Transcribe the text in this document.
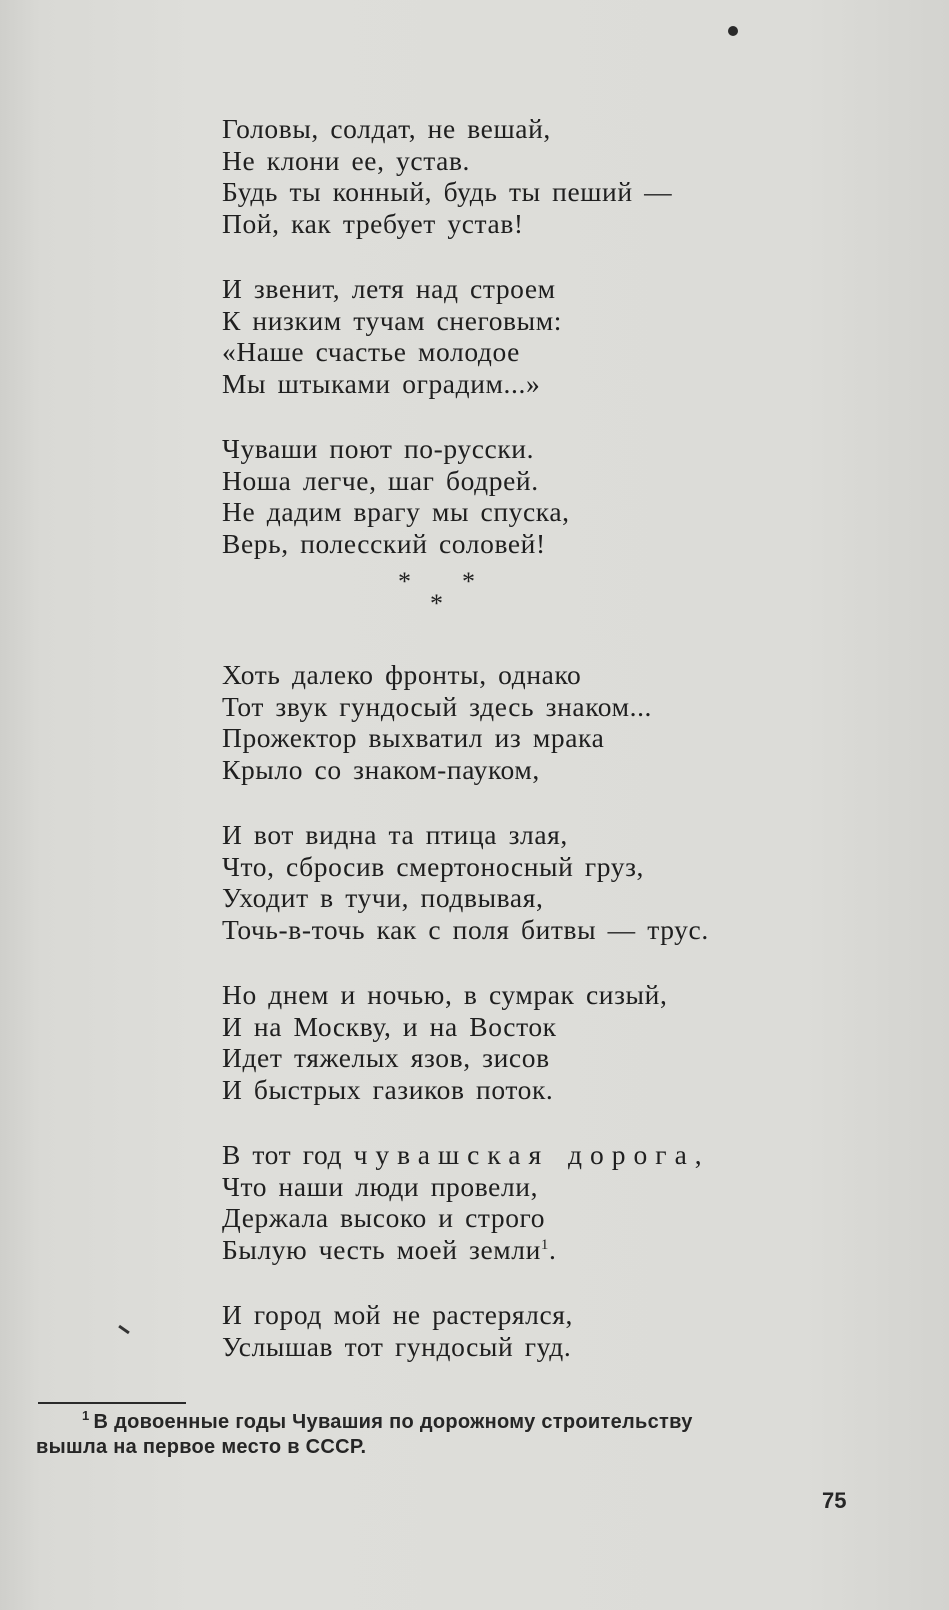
Головы, солдат, не вешай,
Не клони ее, устав.
Будь ты конный, будь ты пеший —
Пой, как требует устав!
И звенит, летя над строем
К низким тучам снеговым:
«Наше счастье молодое
Мы штыками оградим...»
Чуваши поют по-русски.
Ноша легче, шаг бодрей.
Не дадим врагу мы спуска,
Верь, полесский соловей!
* *
*
Хоть далеко фронты, однако
Тот звук гундосый здесь знаком...
Прожектор выхватил из мрака
Крыло со знаком-пауком,
И вот видна та птица злая,
Что, сбросив смертоносный груз,
Уходит в тучи, подвывая,
Точь-в-точь как с поля битвы — трус.
Но днем и ночью, в сумрак сизый,
И на Москву, и на Восток
Идет тяжелых язов, зисов
И быстрых газиков поток.
В тот год чувашская дорога,
Что наши люди провели,
Держала высоко и строго
Былую честь моей земли$^1$.
И город мой не растерялся,
Услышав тот гундосый гуд.
$^1$ В довоенные годы Чувашия по дорожному строительству
вышла на первое место в СССР.
75
